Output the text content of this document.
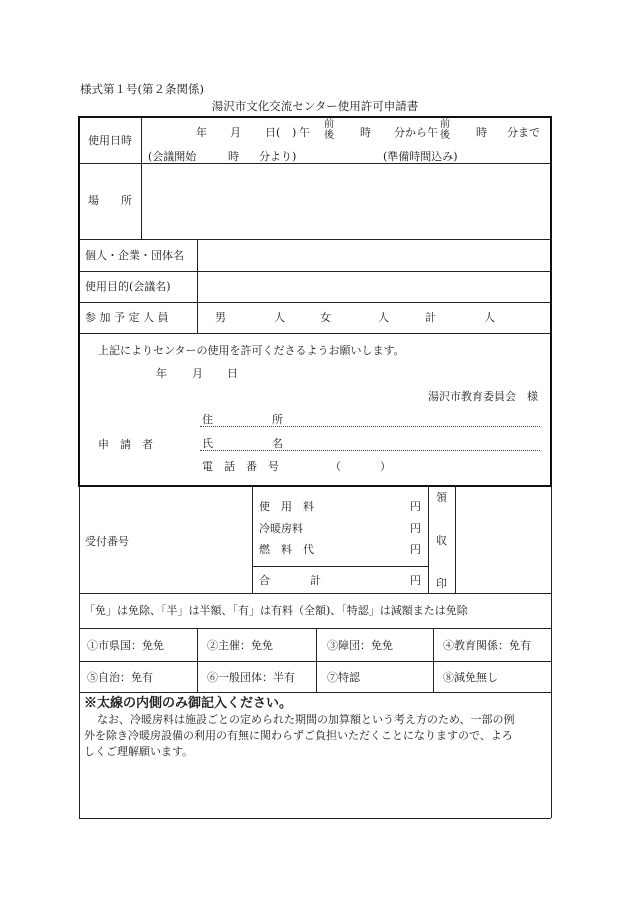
様式第１号(第２条関係)
湯沢市文化交流センター使用許可申請書
使用日時
年 月 日( ) 午
前
後 時 分から午
前
後 時 分まで
(会議開始	時 分より)	(準備時間込み)
場　　所
個人・企業・団体名
使用目的(会議名)
参 加 予 定 人 員	男	人	女	人	計	人
上記によりセンターの使用を許可くださるようお願いします。
年 月 日
湯沢市教育委員会　様
申　請　者
住	所
氏	名
電　話　番　号	（	）
受付番号
使　用　料	円
冷暖房料	円
燃　料　代	円
合	計	円
領
収
印
「免」は免除、「半」は半額、「有」は有料（全額)、「特認」は減額または免除
①市県国：免免	②主催：免免	③障団：免免	④教育関係：免有
⑤自治：免有	⑥一般団体：半有	⑦特認	⑧減免無し
※太線の内側のみ御記入ください。
なお、冷暖房料は施設ごとの定められた期間の加算額という考え方のため、一部の例
外を除き冷暖房設備の利用の有無に関わらずご負担いただくことになりますので、よろ
しくご理解願います。
